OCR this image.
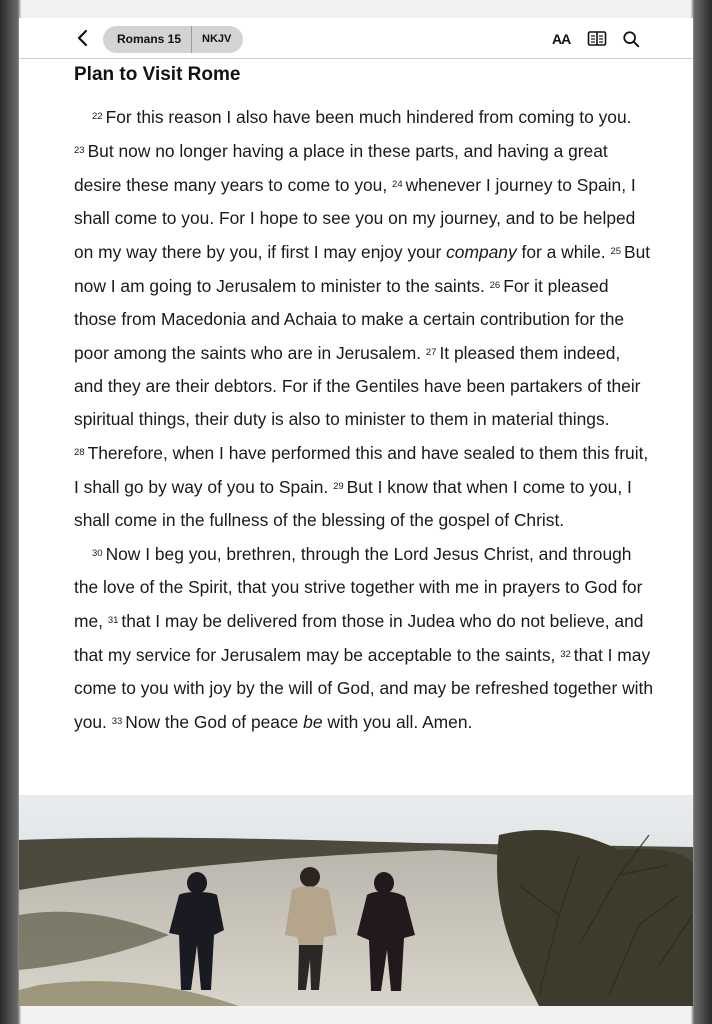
Romans 15	NKJV	AA
Plan to Visit Rome

$^{22}$ For this reason I also have been much hindered from coming to you. $^{23}$ But now no longer having a place in these parts, and having a great desire these many years to come to you, $^{24}$ whenever I journey to Spain, I shall come to you. For I hope to see you on my journey, and to be helped on my way there by you, if first I may enjoy your company for a while. $^{25}$ But now I am going to Jerusalem to minister to the saints. $^{26}$ For it pleased those from Macedonia and Achaia to make a certain contribution for the poor among the saints who are in Jerusalem. $^{27}$ It pleased them indeed, and they are their debtors. For if the Gentiles have been partakers of their spiritual things, their duty is also to minister to them in material things. $^{28}$ Therefore, when I have performed this and have sealed to them this fruit, I shall go by way of you to Spain. $^{29}$ But I know that when I come to you, I shall come in the fullness of the blessing of the gospel of Christ.

$^{30}$ Now I beg you, brethren, through the Lord Jesus Christ, and through the love of the Spirit, that you strive together with me in prayers to God for me, $^{31}$ that I may be delivered from those in Judea who do not believe, and that my service for Jerusalem may be acceptable to the saints, $^{32}$ that I may come to you with joy by the will of God, and may be refreshed together with you. $^{33}$ Now the God of peace be with you all. Amen.
